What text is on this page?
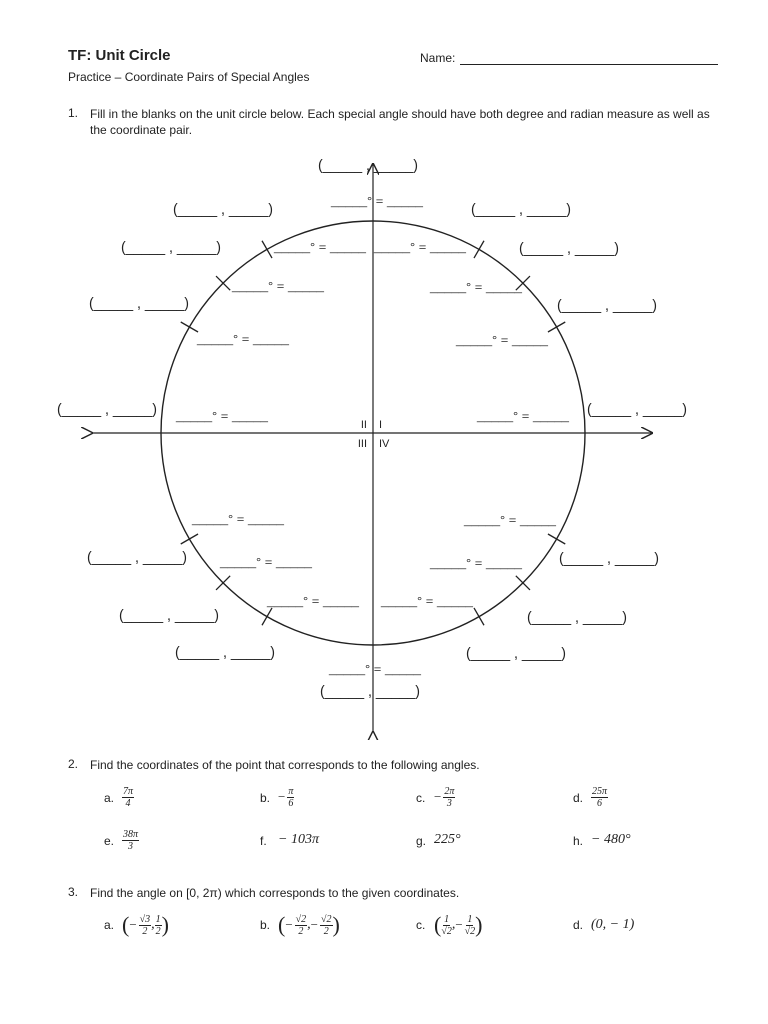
TF: Unit Circle
Practice – Coordinate Pairs of Special Angles
Name:
1. Fill in the blanks on the unit circle below. Each special angle should have both degree and radian measure as well as the coordinate pair.
I
II
III IV
(_____ , _____)
(_____ , _____)	(_____ , _____)
(_____ , _____)	(_____ , _____)
(_____ , _____)	(_____ , _____)
(_____ , _____)	(_____ , _____)
(_____ , _____)	(_____ , _____)
(_____ , _____)	(_____ , _____)
(_____ , _____)	(_____ , _____)
(_____ , _____)
_____° = _____
_____° = _____ _____° = _____
_____° = _____	_____° = _____
_____° = _____	_____° = _____
_____° = _____	_____° = _____
_____° = _____	_____° = _____
_____° = _____	_____° = _____
_____° = _____ _____° = _____
_____° = _____
2. Find the coordinates of the point that corresponds to the following angles.
a. $\frac{7\pi}{4}$	b. − $\frac{\pi}{6}$	c. − $\frac{2\pi}{3}$	d. $\frac{25\pi}{6}$
e. $\frac{38\pi}{3}$	f. − 103π	g. 225°	h. − 480°
3. Find the angle on [0, 2π) which corresponds to the given coordinates.
a. ( − $\frac{√3}{2}$ , $\frac{1}{2}$ )	b. ( − $\frac{√2}{2}$ , − $\frac{√2}{2}$ )	c. ( $\frac{1}{√2}$ , − $\frac{1}{√2}$ )	d. (0, − 1)
